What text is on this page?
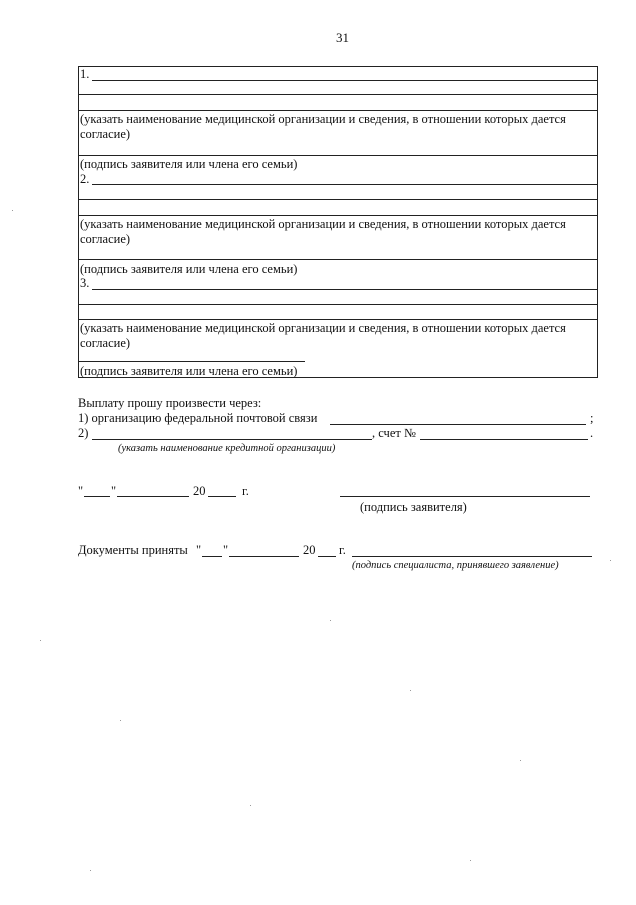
31
1.
(указать наименование медицинской организации и сведения, в отношении которых дается
согласие)
(подпись заявителя или члена его семьи)
2.
(указать наименование медицинской организации и сведения, в отношении которых дается
согласие)
(подпись заявителя или члена его семьи)
3.
(указать наименование медицинской организации и сведения, в отношении которых дается
согласие)
(подпись заявителя или члена его семьи)
Выплату прошу произвести через:
1) организацию федеральной почтовой связи	;
2)	, счет №	.
(указать наименование кредитной организации)
" "	20	г.
(подпись заявителя)
Документы приняты " "	20 г.
(подпись специалиста, принявшего заявление)
